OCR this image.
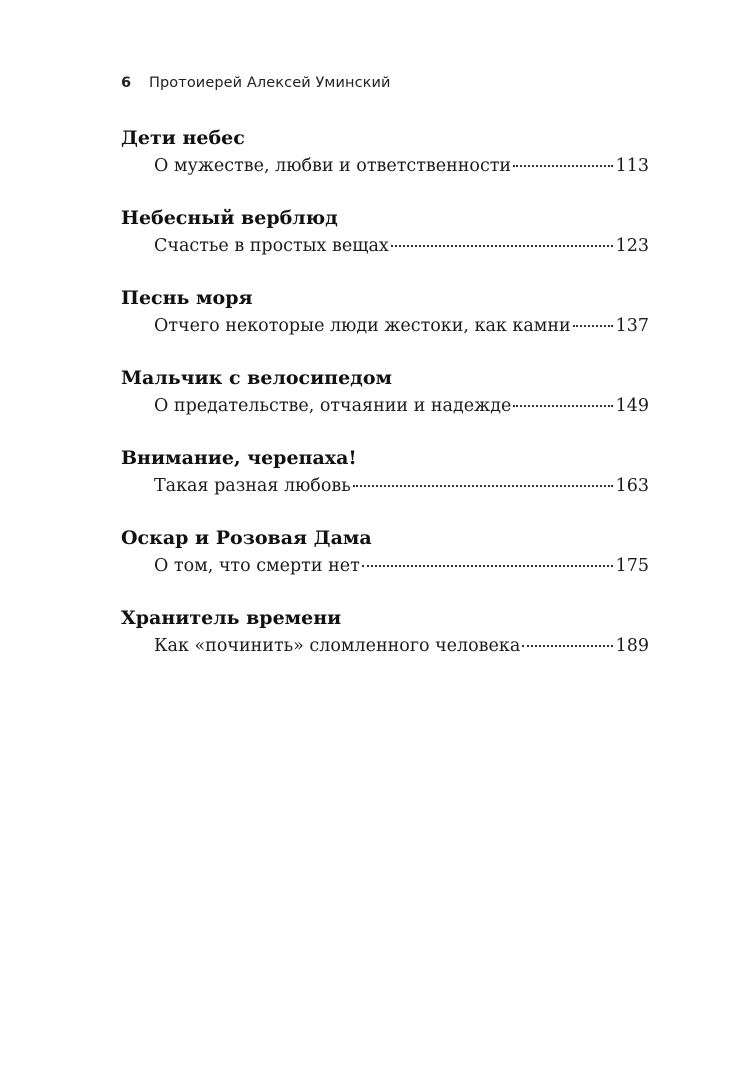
6 Протоиерей Алексей Уминский
Дети небес
О мужестве, любви и ответственности	113
Небесный верблюд
Счастье в простых вещах	123
Песнь моря
Отчего некоторые люди жестоки, как камни	137
Мальчик с велосипедом
О предательстве, отчаянии и надежде	149
Внимание, черепаха!
Такая разная любовь	163
Оскар и Розовая Дама
О том, что смерти нет	175
Хранитель времени
Как «починить» сломленного человека	189
